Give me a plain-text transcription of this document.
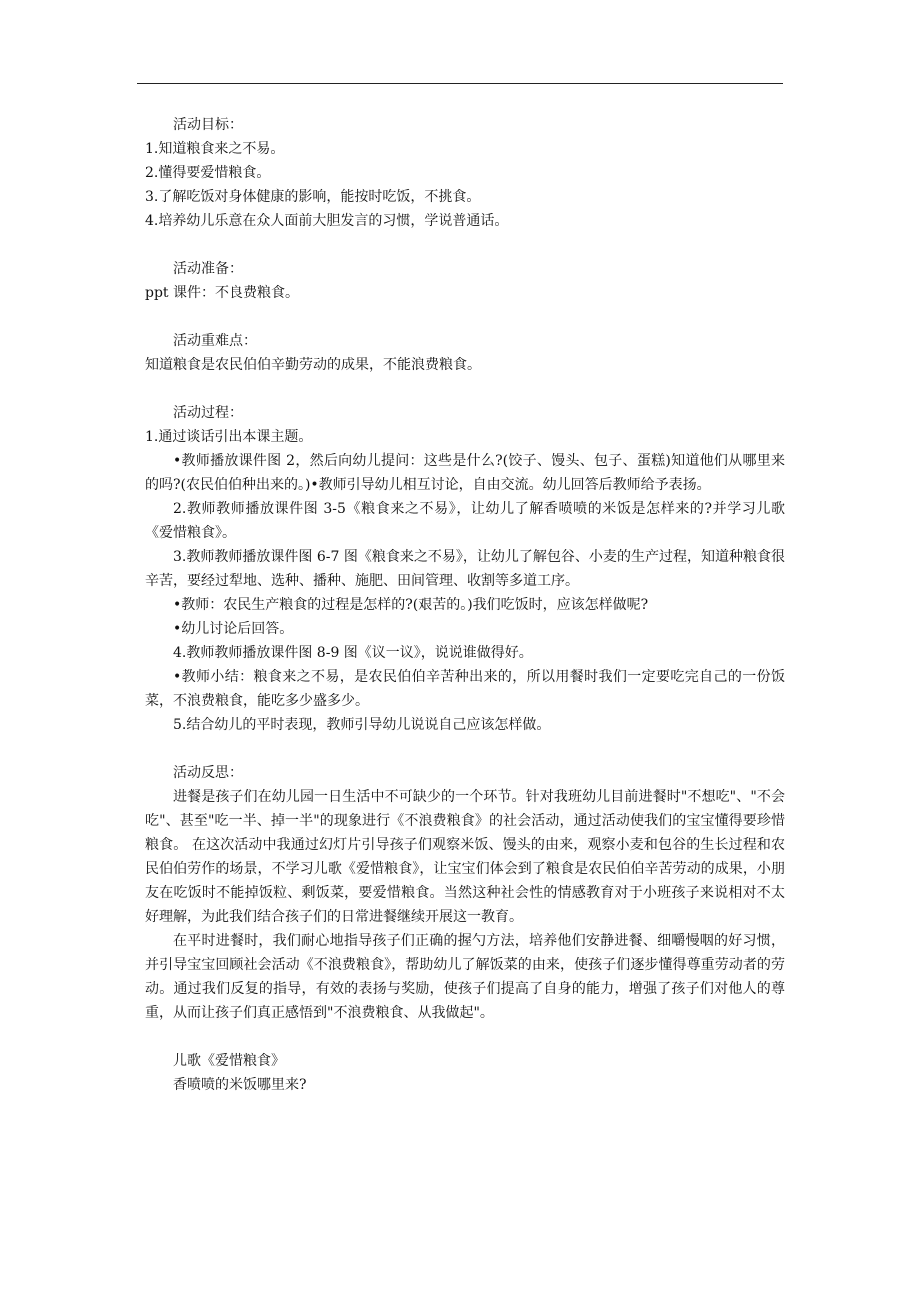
活动目标：
1.知道粮食来之不易。
2.懂得要爱惜粮食。
3.了解吃饭对身体健康的影响，能按时吃饭，不挑食。
4.培养幼儿乐意在众人面前大胆发言的习惯，学说普通话。
活动准备：
ppt 课件：不良费粮食。
活动重难点：
知道粮食是农民伯伯辛勤劳动的成果，不能浪费粮食。
活动过程：
1.通过谈话引出本课主题。
•教师播放课件图 2，然后向幼儿提问：这些是什么?(饺子、馒头、包子、蛋糕)知道他们从哪里来的吗?(农民伯伯种出来的。)•教师引导幼儿相互讨论，自由交流。幼儿回答后教师给予表扬。
2.教师教师播放课件图 3-5《粮食来之不易》，让幼儿了解香喷喷的米饭是怎样来的?并学习儿歌《爱惜粮食》。
3.教师教师播放课件图 6-7 图《粮食来之不易》，让幼儿了解包谷、小麦的生产过程，知道种粮食很辛苦，要经过犁地、选种、播种、施肥、田间管理、收割等多道工序。
•教师：农民生产粮食的过程是怎样的?(艰苦的。)我们吃饭时，应该怎样做呢?
•幼儿讨论后回答。
4.教师教师播放课件图 8-9 图《议一议》，说说谁做得好。
•教师小结：粮食来之不易，是农民伯伯辛苦种出来的，所以用餐时我们一定要吃完自己的一份饭菜，不浪费粮食，能吃多少盛多少。
5.结合幼儿的平时表现，教师引导幼儿说说自己应该怎样做。
活动反思：
进餐是孩子们在幼儿园一日生活中不可缺少的一个环节。针对我班幼儿目前进餐时"不想吃"、"不会吃"、甚至"吃一半、掉一半"的现象进行《不浪费粮食》的社会活动，通过活动使我们的宝宝懂得要珍惜粮食。 在这次活动中我通过幻灯片引导孩子们观察米饭、馒头的由来，观察小麦和包谷的生长过程和农民伯伯劳作的场景，不学习儿歌《爱惜粮食》，让宝宝们体会到了粮食是农民伯伯辛苦劳动的成果，小朋友在吃饭时不能掉饭粒、剩饭菜，要爱惜粮食。当然这种社会性的情感教育对于小班孩子来说相对不太好理解，为此我们结合孩子们的日常进餐继续开展这一教育。
在平时进餐时，我们耐心地指导孩子们正确的握勺方法，培养他们安静进餐、细嚼慢咽的好习惯，并引导宝宝回顾社会活动《不浪费粮食》，帮助幼儿了解饭菜的由来，使孩子们逐步懂得尊重劳动者的劳动。通过我们反复的指导，有效的表扬与奖励，使孩子们提高了自身的能力，增强了孩子们对他人的尊重，从而让孩子们真正感悟到"不浪费粮食、从我做起"。
儿歌《爱惜粮食》
香喷喷的米饭哪里来?
